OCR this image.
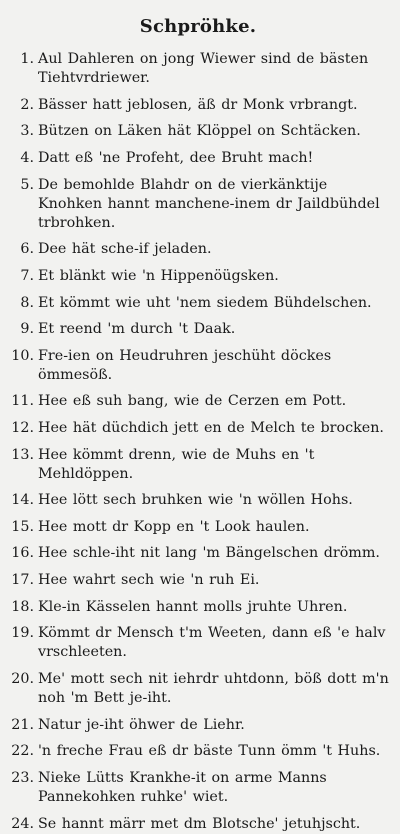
Schpröhke.
1. Aul Dahleren on jong Wiewer sind de bästen Tiehtvrdriewer.
2. Bässer hatt jeblosen, äß dr Monk vrbrangt.
3. Bützen on Läken hät Klöppel on Schtäcken.
4. Datt eß 'ne Profeht, dee Bruht mach!
5. De bemohlde Blahdr on de vierkänktije Knohken hannt manchenе-inem dr Jaildbühdel trbrohken.
6. Dee hät sche-if jeladen.
7. Et blänkt wie 'n Hippenöügsken.
8. Et kömmt wie uht 'nem siedem Bühdelschen.
9. Et reend 'm durch 't Daak.
10. Fre-ien on Heudruhren jeschüht döckes ömmesöß.
11. Hee eß suh bang, wie de Cerzen em Pott.
12. Hee hät düchdich jett en de Melch te brocken.
13. Hee kömmt drenn, wie de Muhs en 't Mehldöppen.
14. Hee lött sech bruhken wie 'n wöllen Hohs.
15. Hee mott dr Kopp en 't Look haulen.
16. Hee schle-iht nit lang 'm Bängelschen drömm.
17. Hee wahrt sech wie 'n ruh Ei.
18. Kle-in Kässelen hannt molls jruhte Uhren.
19. Kömmt dr Mensch t'm Weeten, dann eß 'e halv vrschleeten.
20. Me' mott sech nit iehrdr uhtdonn, böß dott m'n noh 'm Bett je-iht.
21. Natur je-iht öhwer de Liehr.
22. 'n freche Frau eß dr bäste Tunn ömm 't Huhs.
23. Nieke Lütts Krankhe-it on arme Manns Pannekohken ruhke' wiet.
24. Se hannt märr met dm Blotsche' jetuhjscht.
